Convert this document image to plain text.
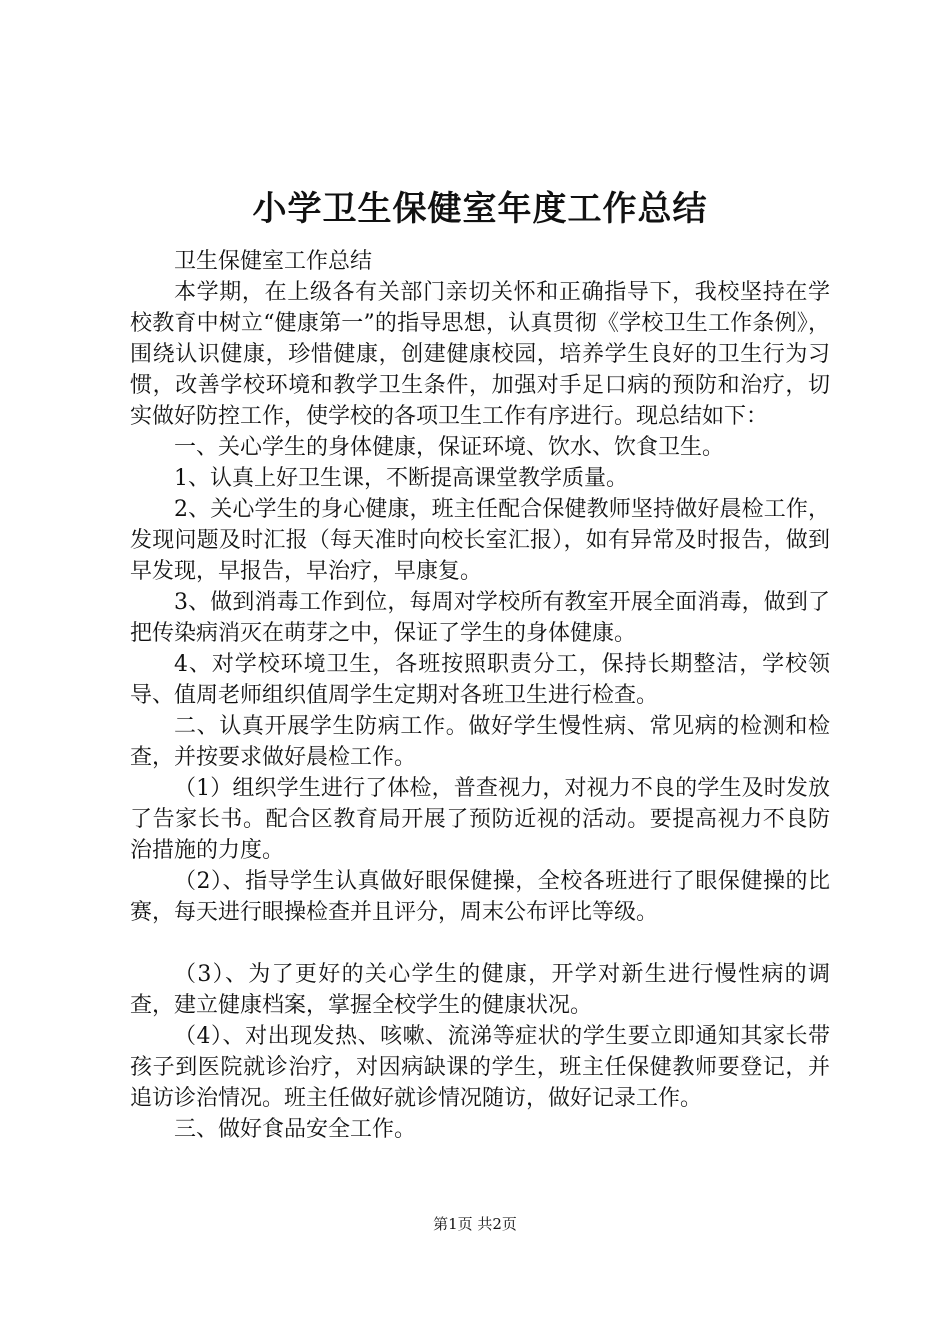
小学卫生保健室年度工作总结

卫生保健室工作总结

本学期，在上级各有关部门亲切关怀和正确指导下，我校坚持在学校教育中树立“健康第一”的指导思想，认真贯彻《学校卫生工作条例》，围绕认识健康，珍惜健康，创建健康校园，培养学生良好的卫生行为习惯，改善学校环境和教学卫生条件，加强对手足口病的预防和治疗，切实做好防控工作，使学校的各项卫生工作有序进行。现总结如下：

一、关心学生的身体健康，保证环境、饮水、饮食卫生。

1、认真上好卫生课，不断提高课堂教学质量。

2、关心学生的身心健康，班主任配合保健教师坚持做好晨检工作，发现问题及时汇报（每天准时向校长室汇报），如有异常及时报告，做到早发现，早报告，早治疗，早康复。

3、做到消毒工作到位，每周对学校所有教室开展全面消毒，做到了把传染病消灭在萌芽之中，保证了学生的身体健康。

4、对学校环境卫生，各班按照职责分工，保持长期整洁，学校领导、值周老师组织值周学生定期对各班卫生进行检查。

二、认真开展学生防病工作。做好学生慢性病、常见病的检测和检查，并按要求做好晨检工作。

（1）组织学生进行了体检，普查视力，对视力不良的学生及时发放了告家长书。配合区教育局开展了预防近视的活动。要提高视力不良防治措施的力度。

（2）、指导学生认真做好眼保健操，全校各班进行了眼保健操的比赛，每天进行眼操检查并且评分，周末公布评比等级。

（3）、为了更好的关心学生的健康，开学对新生进行慢性病的调查，建立健康档案，掌握全校学生的健康状况。

（4）、对出现发热、咳嗽、流涕等症状的学生要立即通知其家长带孩子到医院就诊治疗，对因病缺课的学生，班主任保健教师要登记，并追访诊治情况。班主任做好就诊情况随访，做好记录工作。

三、做好食品安全工作。

第1页 共2页
